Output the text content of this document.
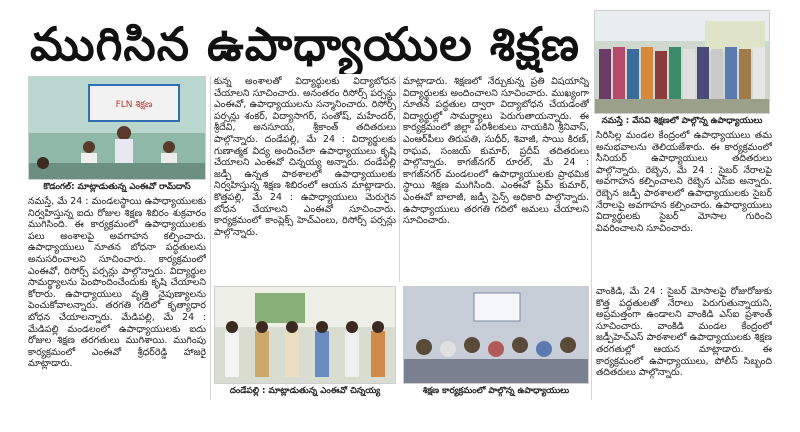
ముగిసిన ఉపాధ్యాయుల శిక్షణ
FLN శిక్షణ
కొడంగల్‌: మాట్లాడుతున్న ఎంఈవో రామ్‌దాస్‌
నమస్తే, మే 24 : మండలస్థాయి ఉపాధ్యాయులకు నిర్వహిస్తున్న ఐదు రోజుల శిక్షణ శిబిరం శుక్రవారం ముగిసింది. ఈ కార్యక్రమంలో ఉపాధ్యాయులకు పలు అంశాలపై అవగాహన కల్పించారు. ఉపాధ్యాయులు నూతన బోధనా పద్ధతులను అనుసరించాలని సూచించారు. కార్యక్రమంలో ఎంఈవో, రిసోర్స్‌ పర్సన్లు పాల్గొన్నారు. విద్యార్థుల సామర్థ్యాలను పెంపొందించేందుకు కృషి చేయాలని కోరారు. ఉపాధ్యాయులు వృత్తి నైపుణ్యాలను పెంచుకోవాలన్నారు. తరగతి గదిలో కృత్యాధార బోధన చేయాలన్నారు. మేడిపల్లి, మే 24 : మేడిపల్లి మండలంలో ఉపాధ్యాయులకు ఐదు రోజుల శిక్షణ తరగతులు ముగిశాయి. ముగింపు కార్యక్రమంలో ఎంఈవో శ్రీధర్‌రెడ్డి హాజరై మాట్లాడారు.
కున్న అంశాలతో విద్యార్థులకు విద్యాబోధన చేయాలని సూచించారు. అనంతరం రిసోర్స్‌ పర్సన్లు ఎంఈవో, ఉపాధ్యాయులను సన్మానించారు. రిసోర్స్‌ పర్సన్లు శంకర్‌, విద్యాసాగర్‌, సంతోష్‌, మహేందర్‌, శ్రీదేవి, అనసూయ, శ్రీకాంత్‌ తదితరులు పాల్గొన్నారు. దండేపల్లి, మే 24 : విద్యార్థులకు గుణాత్మక విద్య అందించేలా ఉపాధ్యాయులు కృషి చేయాలని ఎంఈవో చిన్నయ్య అన్నారు. దండేపల్లి జడ్పీ ఉన్నత పాఠశాలలో ఉపాధ్యాయులకు నిర్వహిస్తున్న శిక్షణ శిబిరంలో ఆయన మాట్లాడారు. కొత్తపల్లి, మే 24 : ఉపాధ్యాయులు మెరుగైన బోధన చేయాలని ఎంఈవో సూచించారు. కార్యక్రమంలో కాంప్లెక్స్‌ హెచ్‌ఎంలు, రిసోర్స్‌ పర్సన్లు పాల్గొన్నారు.
మాట్లాడారు. శిక్షణలో నేర్చుకున్న ప్రతి విషయాన్ని విద్యార్థులకు అందించాలని సూచించారు. ముఖ్యంగా నూతన పద్ధతుల ద్వారా విద్యాబోధన చేయడంతో విద్యార్థుల్లో సామర్థ్యాలు పెరుగుతాయన్నారు. ఈ కార్యక్రమంలో జిల్లా పరిశీలకులు నాయకిని శ్రీనివాస్‌, ఎంఆర్‌పీలు తిరుపతి, సుధీర్‌, శివాజీ, సాయి కిరణ్‌, రాఘవ, సంజయ్‌ కుమార్‌, ప్రదీప్‌ తదితరులు పాల్గొన్నారు. కాగజ్‌నగర్‌ రూరల్‌, మే 24 : కాగజ్‌నగర్‌ మండలంలో ఉపాధ్యాయులకు ప్రాథమిక స్థాయి శిక్షణ ముగిసింది. ఎంఈవో ప్రేమ్‌ కుమార్‌, ఎంఈవో బాలాజీ, జడ్పీ సైన్స్‌ అధికారి పాల్గొన్నారు. ఉపాధ్యాయులు తరగతి గదిలో అమలు చేయాలని సూచించారు.
నమస్తే : వేసవి శిక్షణలో పాల్గొన్న ఉపాధ్యాయులు
సిరిసిల్ల మండల కేంద్రంలో ఉపాధ్యాయులు తమ అనుభవాలను తెలియజేశారు. ఈ కార్యక్రమంలో సీనియర్‌ ఉపాధ్యాయులు తదితరులు పాల్గొన్నారు. రెబ్బెన, మే 24 : సైబర్‌ నేరాలపై అవగాహన కల్పించాలని రెబ్బెన ఎస్‌ఐ అన్నారు. రెబ్బెన జడ్పీ పాఠశాలలో ఉపాధ్యాయులకు సైబర్‌ నేరాలపై అవగాహన కల్పించారు. ఉపాధ్యాయులు విద్యార్థులకు సైబర్‌ మోసాల గురించి వివరించాలని సూచించారు.
వాంకిడి, మే 24 : సైబర్‌ మోసాలపై రోజురోజుకు కొత్త పద్ధతులతో నేరాలు పెరుగుతున్నాయని, అప్రమత్తంగా ఉండాలని వాంకిడి ఎస్‌ఐ ప్రశాంత్‌ సూచించారు. వాంకిడి మండల కేంద్రంలో జడ్పీహెచ్‌ఎస్‌ పాఠశాలలో ఉపాధ్యాయులకు శిక్షణ తరగతుల్లో ఆయన మాట్లాడారు. ఈ కార్యక్రమంలో ఉపాధ్యాయులు, పోలీస్‌ సిబ్బంది తదితరులు పాల్గొన్నారు.
దండేపల్లి : మాట్లాడుతున్న ఎంఈవో చిన్నయ్య	శిక్షణ కార్యక్రమంలో పాల్గొన్న ఉపాధ్యాయులు
